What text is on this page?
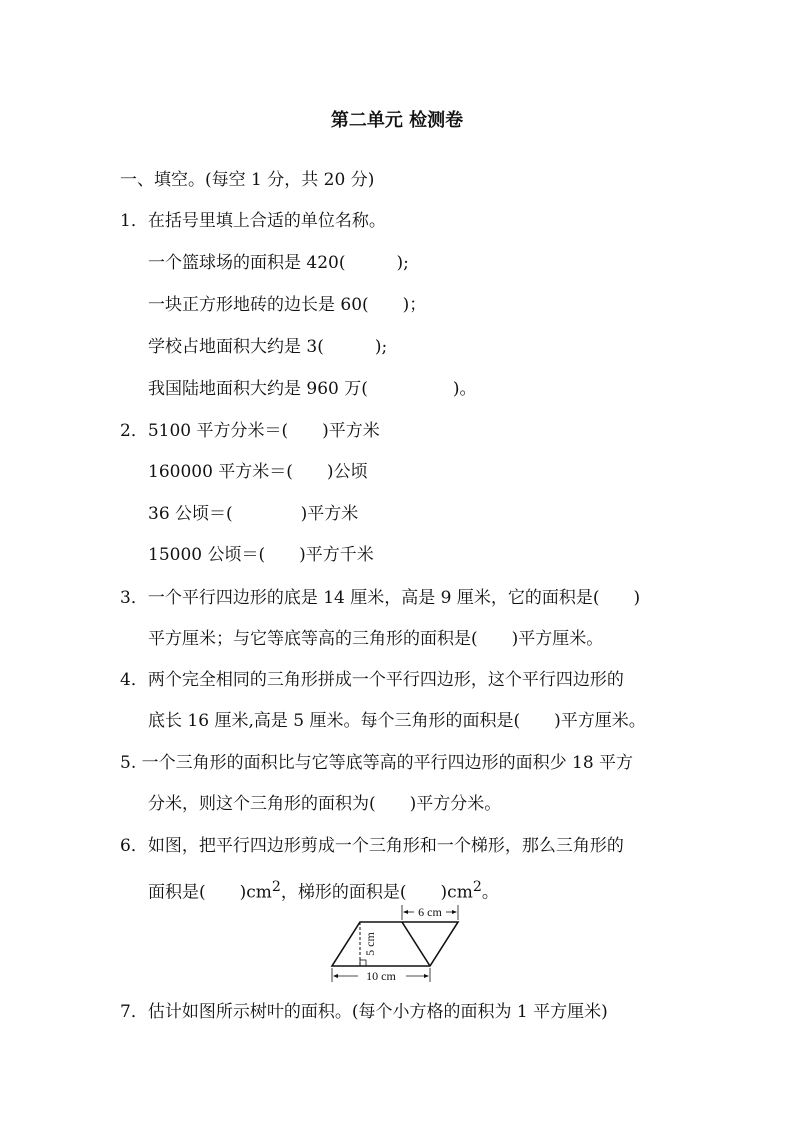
第二单元 检测卷
一、填空。(每空 1 分，共 20 分)
1．在括号里填上合适的单位名称。
一个篮球场的面积是 420(　　　);
一块正方形地砖的边长是 60(　　)；
学校占地面积大约是 3(　　　);
我国陆地面积大约是 960 万(　　　　　)。
2．5100 平方分米＝(　　)平方米
160000 平方米＝(　　)公顷
36 公顷＝(　　　　)平方米
15000 公顷＝(　　)平方千米
3．一个平行四边形的底是 14 厘米，高是 9 厘米，它的面积是(　　)
平方厘米；与它等底等高的三角形的面积是(　　)平方厘米。
4．两个完全相同的三角形拼成一个平行四边形，这个平行四边形的
底长 16 厘米,高是 5 厘米。每个三角形的面积是(　　)平方厘米。
5. 一个三角形的面积比与它等底等高的平行四边形的面积少 18 平方
分米，则这个三角形的面积为(　　)平方分米。
6．如图，把平行四边形剪成一个三角形和一个梯形，那么三角形的
面积是(　　)$cm^2$，梯形的面积是(　　)$cm^2$。
6 cm
5 cm
10 cm
7．估计如图所示树叶的面积。(每个小方格的面积为 1 平方厘米)
